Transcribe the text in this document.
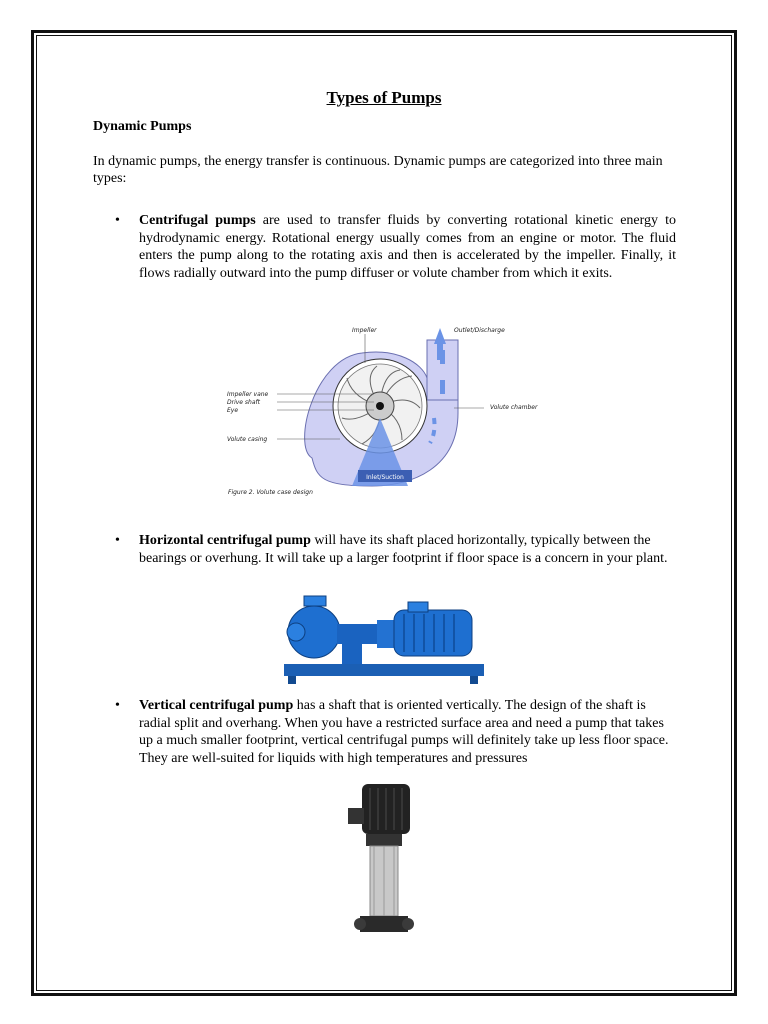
Types of Pumps
Dynamic Pumps
In dynamic pumps, the energy transfer is continuous. Dynamic pumps are categorized into three main types:
• Centrifugal pumps are used to transfer fluids by converting rotational kinetic energy to hydrodynamic energy. Rotational energy usually comes from an engine or motor. The fluid enters the pump along to the rotating axis and then is accelerated by the impeller. Finally, it flows radially outward into the pump diffuser or volute chamber from which it exits.
Inlet/Suction
Impeller	Outlet/Discharge
Impeller vane
Drive shaft
Eye	Volute chamber
Volute casing
Figure 2. Volute case design
• Horizontal centrifugal pump will have its shaft placed horizontally, typically between the bearings or overhung. It will take up a larger footprint if floor space is a concern in your plant.
• Vertical centrifugal pump has a shaft that is oriented vertically. The design of the shaft is radial split and overhang. When you have a restricted surface area and need a pump that takes up a much smaller footprint, vertical centrifugal pumps will definitely take up less floor space. They are well-suited for liquids with high temperatures and pressures
